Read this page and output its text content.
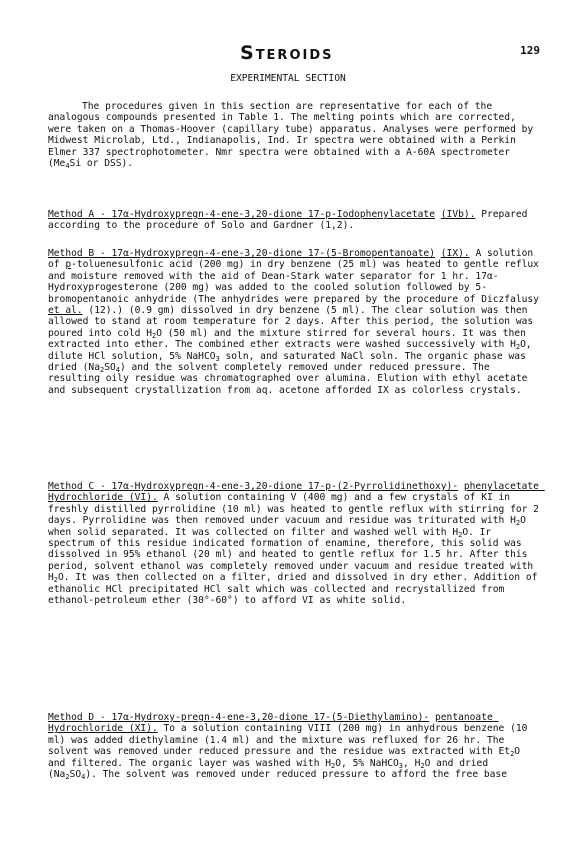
STEROIDS	129
EXPERIMENTAL SECTION

The procedures given in this section are representative for each of the analogous compounds presented in Table 1. The melting points which are corrected, were taken on a Thomas-Hoover (capillary tube) apparatus. Analyses were performed by Midwest Microlab, Ltd., Indianapolis, Ind. Ir spectra were obtained with a Perkin Elmer 337 spectrophotometer. Nmr spectra were obtained with a A-60A spectrometer ($Me_4Si$ or DSS).

Method A - 17α-Hydroxypregn-4-ene-3,20-dione 17-p-Iodophenylacetate (IVb). Prepared according to the procedure of Solo and Gardner (1,2).

Method B - 17α-Hydroxypregn-4-ene-3,20-dione 17-(5-Bromopentanoate) (IX). A solution of p-toluenesulfonic acid (200 mg) in dry benzene (25 ml) was heated to gentle reflux and moisture removed with the aid of Dean-Stark water separator for 1 hr. 17α-Hydroxyprogesterone (200 mg) was added to the cooled solution followed by 5-bromopentanoic anhydride (The anhydrides were prepared by the procedure of Diczfalusy et al. (12).) (0.9 gm) dissolved in dry benzene (5 ml). The clear solution was then allowed to stand at room temperature for 2 days. After this period, the solution was poured into cold $H_2O$ (50 ml) and the mixture stirred for several hours. It was then extracted into ether. The combined ether extracts were washed successively with $H_2O$, dilute HCl solution, 5% NaHCO$_3$ soln, and saturated NaCl soln. The organic phase was dried $(Na_2SO_4)$ and the solvent completely removed under reduced pressure. The resulting oily residue was chromatographed over alumina. Elution with ethyl acetate and subsequent crystallization from aq. acetone afforded IX as colorless crystals.

Method C - 17α-Hydroxypregn-4-ene-3,20-dione 17-p-(2-Pyrrolidinethoxy)- phenylacetate Hydrochloride (VI). A solution containing V (400 mg) and a few crystals of KI in freshly distilled pyrrolidine (10 ml) was heated to gentle reflux with stirring for 2 days. Pyrrolidine was then removed under vacuum and residue was triturated with $H_2O$ when solid separated. It was collected on filter and washed well with $H_2O$. Ir spectrum of this residue indicated formation of enamine, therefore, this solid was dissolved in 95% ethanol (20 ml) and heated to gentle reflux for 1.5 hr. After this period, solvent ethanol was completely removed under vacuum and residue treated with $H_2O$. It was then collected on a filter, dried and dissolved in dry ether. Addition of ethanolic HCl precipitated HCl salt which was collected and recrystallized from ethanol-petroleum ether (30°-60°) to afford VI as white solid.

Method D - 17α-Hydroxy-pregn-4-ene-3,20-dione 17-(5-Diethylamino)- pentanoate Hydrochloride (XI). To a solution containing VIII (200 mg) in anhydrous benzene (10 ml) was added diethylamine (1.4 ml) and the mixture was refluxed for 26 hr. The solvent was removed under reduced pressure and the residue was extracted with $Et_2O$ and filtered. The organic layer was washed with $H_2O$, 5% NaHCO$_3$, $H_2O$ and dried $(Na_2SO_4)$. The solvent was removed under reduced pressure to afford the free base
